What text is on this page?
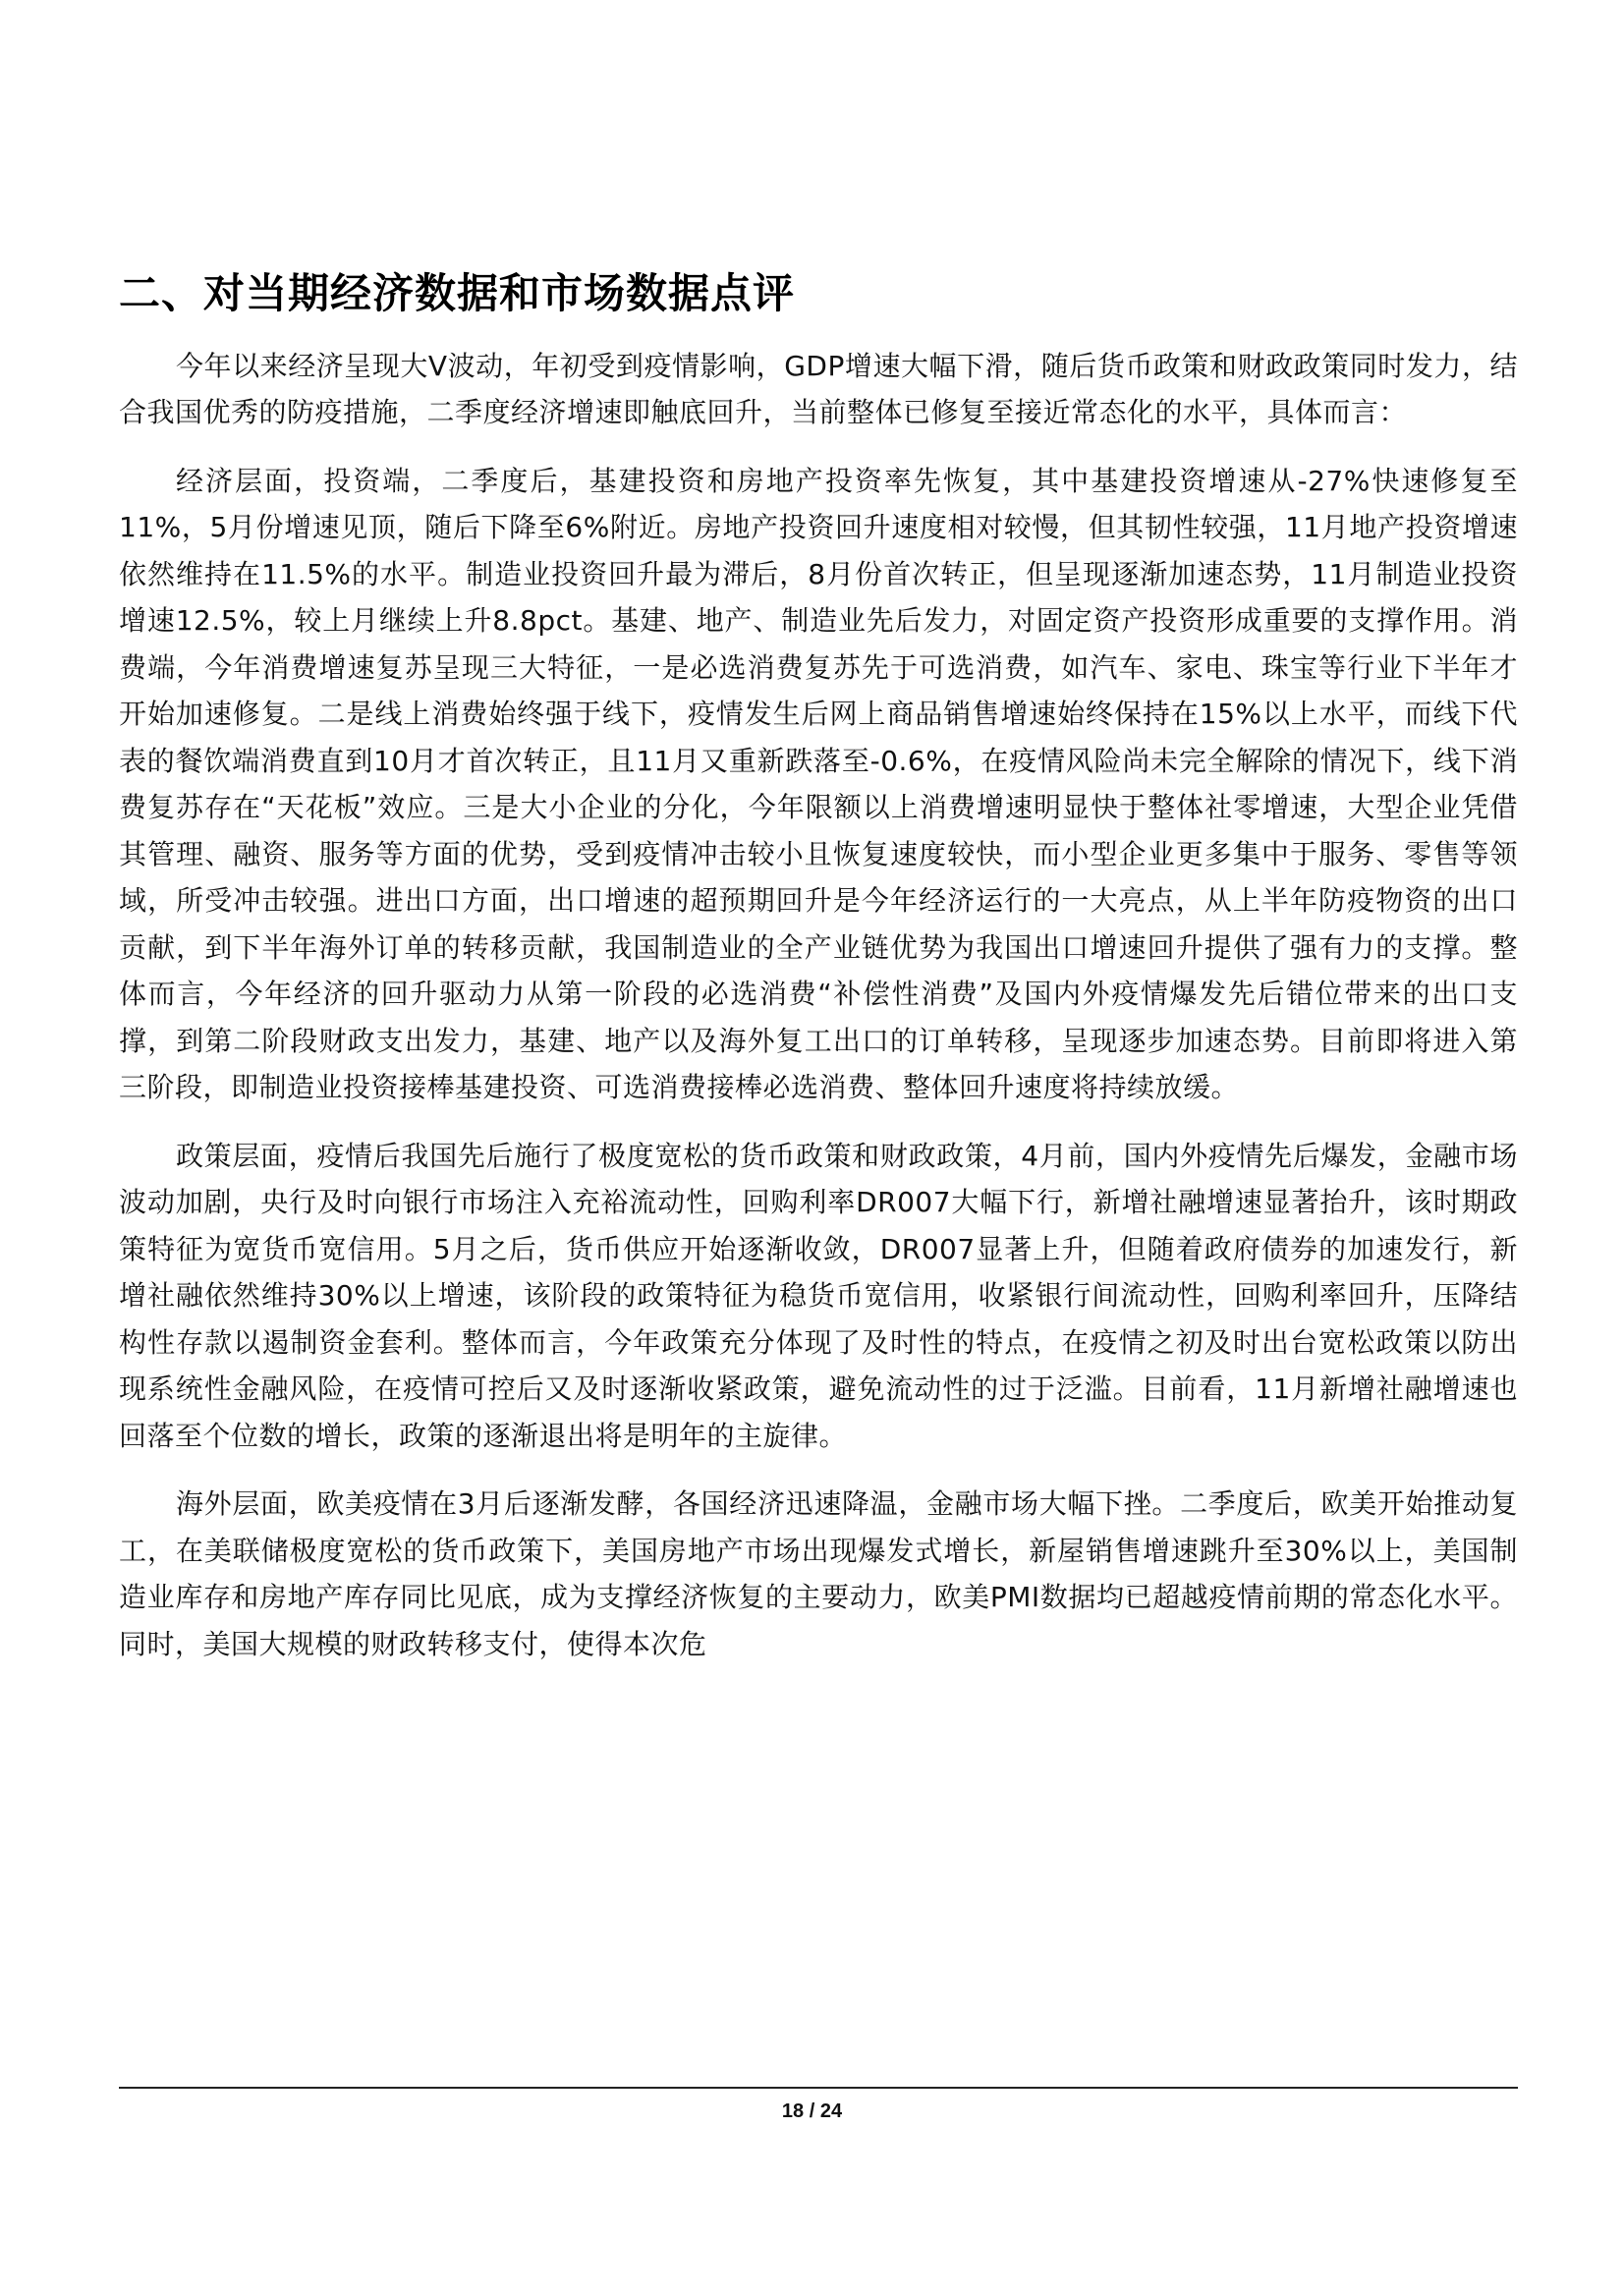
二、对当期经济数据和市场数据点评

今年以来经济呈现大V波动，年初受到疫情影响，GDP增速大幅下滑，随后货币政策和财政政策同时发力，结合我国优秀的防疫措施，二季度经济增速即触底回升，当前整体已修复至接近常态化的水平，具体而言：

经济层面，投资端，二季度后，基建投资和房地产投资率先恢复，其中基建投资增速从-27%快速修复至11%，5月份增速见顶，随后下降至6%附近。房地产投资回升速度相对较慢，但其韧性较强，11月地产投资增速依然维持在11.5%的水平。制造业投资回升最为滞后，8月份首次转正，但呈现逐渐加速态势，11月制造业投资增速12.5%，较上月继续上升8.8pct。基建、地产、制造业先后发力，对固定资产投资形成重要的支撑作用。消费端，今年消费增速复苏呈现三大特征，一是必选消费复苏先于可选消费，如汽车、家电、珠宝等行业下半年才开始加速修复。二是线上消费始终强于线下，疫情发生后网上商品销售增速始终保持在15%以上水平，而线下代表的餐饮端消费直到10月才首次转正，且11月又重新跌落至-0.6%，在疫情风险尚未完全解除的情况下，线下消费复苏存在“天花板”效应。三是大小企业的分化，今年限额以上消费增速明显快于整体社零增速，大型企业凭借其管理、融资、服务等方面的优势，受到疫情冲击较小且恢复速度较快，而小型企业更多集中于服务、零售等领域，所受冲击较强。进出口方面，出口增速的超预期回升是今年经济运行的一大亮点，从上半年防疫物资的出口贡献，到下半年海外订单的转移贡献，我国制造业的全产业链优势为我国出口增速回升提供了强有力的支撑。整体而言，今年经济的回升驱动力从第一阶段的必选消费“补偿性消费”及国内外疫情爆发先后错位带来的出口支撑，到第二阶段财政支出发力，基建、地产以及海外复工出口的订单转移，呈现逐步加速态势。目前即将进入第三阶段，即制造业投资接棒基建投资、可选消费接棒必选消费、整体回升速度将持续放缓。

政策层面，疫情后我国先后施行了极度宽松的货币政策和财政政策，4月前，国内外疫情先后爆发，金融市场波动加剧，央行及时向银行市场注入充裕流动性，回购利率DR007大幅下行，新增社融增速显著抬升，该时期政策特征为宽货币宽信用。5月之后，货币供应开始逐渐收敛，DR007显著上升，但随着政府债券的加速发行，新增社融依然维持30%以上增速，该阶段的政策特征为稳货币宽信用，收紧银行间流动性，回购利率回升，压降结构性存款以遏制资金套利。整体而言，今年政策充分体现了及时性的特点，在疫情之初及时出台宽松政策以防出现系统性金融风险，在疫情可控后又及时逐渐收紧政策，避免流动性的过于泛滥。目前看，11月新增社融增速也回落至个位数的增长，政策的逐渐退出将是明年的主旋律。

海外层面，欧美疫情在3月后逐渐发酵，各国经济迅速降温，金融市场大幅下挫。二季度后，欧美开始推动复工，在美联储极度宽松的货币政策下，美国房地产市场出现爆发式增长，新屋销售增速跳升至30%以上，美国制造业库存和房地产库存同比见底，成为支撑经济恢复的主要动力，欧美PMI数据均已超越疫情前期的常态化水平。同时，美国大规模的财政转移支付，使得本次危

18 / 24
